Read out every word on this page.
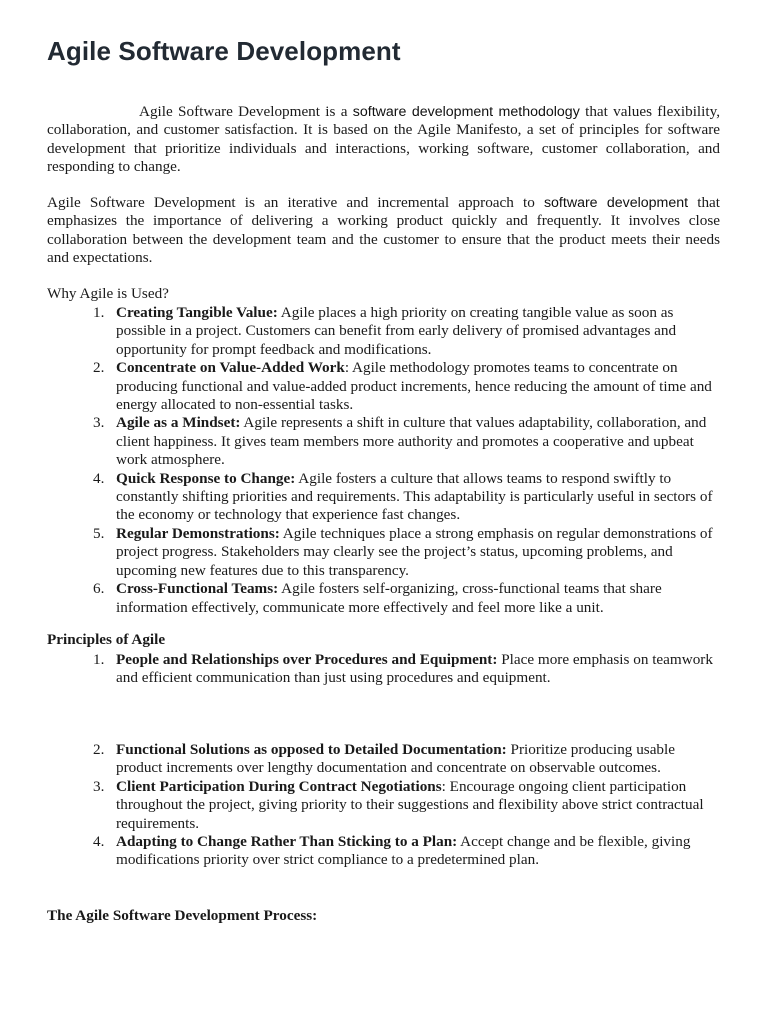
Agile Software Development

Agile Software Development is a software development methodology that values flexibility, collaboration, and customer satisfaction. It is based on the Agile Manifesto, a set of principles for software development that prioritize individuals and interactions, working software, customer collaboration, and responding to change.

Agile Software Development is an iterative and incremental approach to software development that emphasizes the importance of delivering a working product quickly and frequently. It involves close collaboration between the development team and the customer to ensure that the product meets their needs and expectations.

Why Agile is Used?
1. Creating Tangible Value: Agile places a high priority on creating tangible value as soon as possible in a project. Customers can benefit from early delivery of promised advantages and opportunity for prompt feedback and modifications.
2. Concentrate on Value-Added Work: Agile methodology promotes teams to concentrate on producing functional and value-added product increments, hence reducing the amount of time and energy allocated to non-essential tasks.
3. Agile as a Mindset: Agile represents a shift in culture that values adaptability, collaboration, and client happiness. It gives team members more authority and promotes a cooperative and upbeat work atmosphere.
4. Quick Response to Change: Agile fosters a culture that allows teams to respond swiftly to constantly shifting priorities and requirements. This adaptability is particularly useful in sectors of the economy or technology that experience fast changes.
5. Regular Demonstrations: Agile techniques place a strong emphasis on regular demonstrations of project progress. Stakeholders may clearly see the project’s status, upcoming problems, and upcoming new features due to this transparency.
6. Cross-Functional Teams: Agile fosters self-organizing, cross-functional teams that share information effectively, communicate more effectively and feel more like a unit.
Principles of Agile
1. People and Relationships over Procedures and Equipment: Place more emphasis on teamwork and efficient communication than just using procedures and equipment.
2. Functional Solutions as opposed to Detailed Documentation: Prioritize producing usable product increments over lengthy documentation and concentrate on observable outcomes.
3. Client Participation During Contract Negotiations: Encourage ongoing client participation throughout the project, giving priority to their suggestions and flexibility above strict contractual requirements.
4. Adapting to Change Rather Than Sticking to a Plan: Accept change and be flexible, giving modifications priority over strict compliance to a predetermined plan.
The Agile Software Development Process:
